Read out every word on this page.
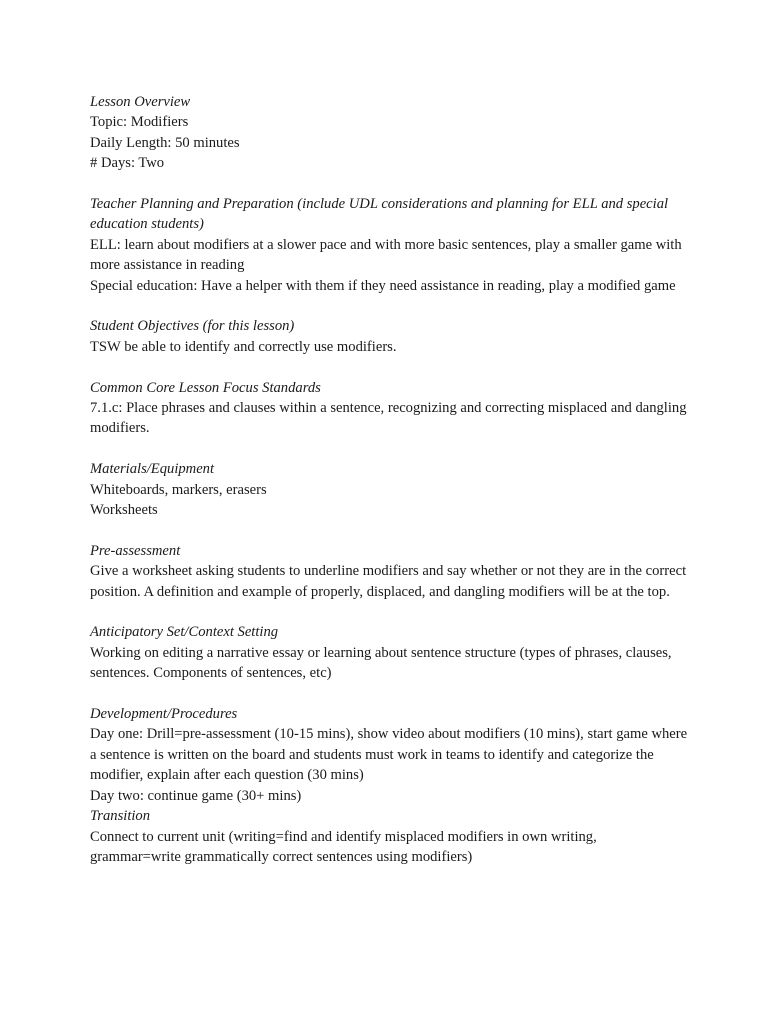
Lesson Overview
Topic: Modifiers
Daily Length: 50 minutes
# Days: Two
Teacher Planning and Preparation (include UDL considerations and planning for ELL and special education students)
ELL: learn about modifiers at a slower pace and with more basic sentences, play a smaller game with more assistance in reading
Special education: Have a helper with them if they need assistance in reading, play a modified game
Student Objectives (for this lesson)
TSW be able to identify and correctly use modifiers.
Common Core Lesson Focus Standards
7.1.c: Place phrases and clauses within a sentence, recognizing and correcting misplaced and dangling modifiers.
Materials/Equipment
Whiteboards, markers, erasers
Worksheets
Pre-assessment
Give a worksheet asking students to underline modifiers and say whether or not they are in the correct position. A definition and example of properly, displaced, and dangling modifiers will be at the top.
Anticipatory Set/Context Setting
Working on editing a narrative essay or learning about sentence structure (types of phrases, clauses, sentences. Components of sentences, etc)
Development/Procedures
Day one: Drill=pre-assessment (10-15 mins), show video about modifiers (10 mins), start game where a sentence is written on the board and students must work in teams to identify and categorize the modifier, explain after each question (30 mins)
Day two: continue game (30+ mins)
Transition
Connect to current unit (writing=find and identify misplaced modifiers in own writing, grammar=write grammatically correct sentences using modifiers)
